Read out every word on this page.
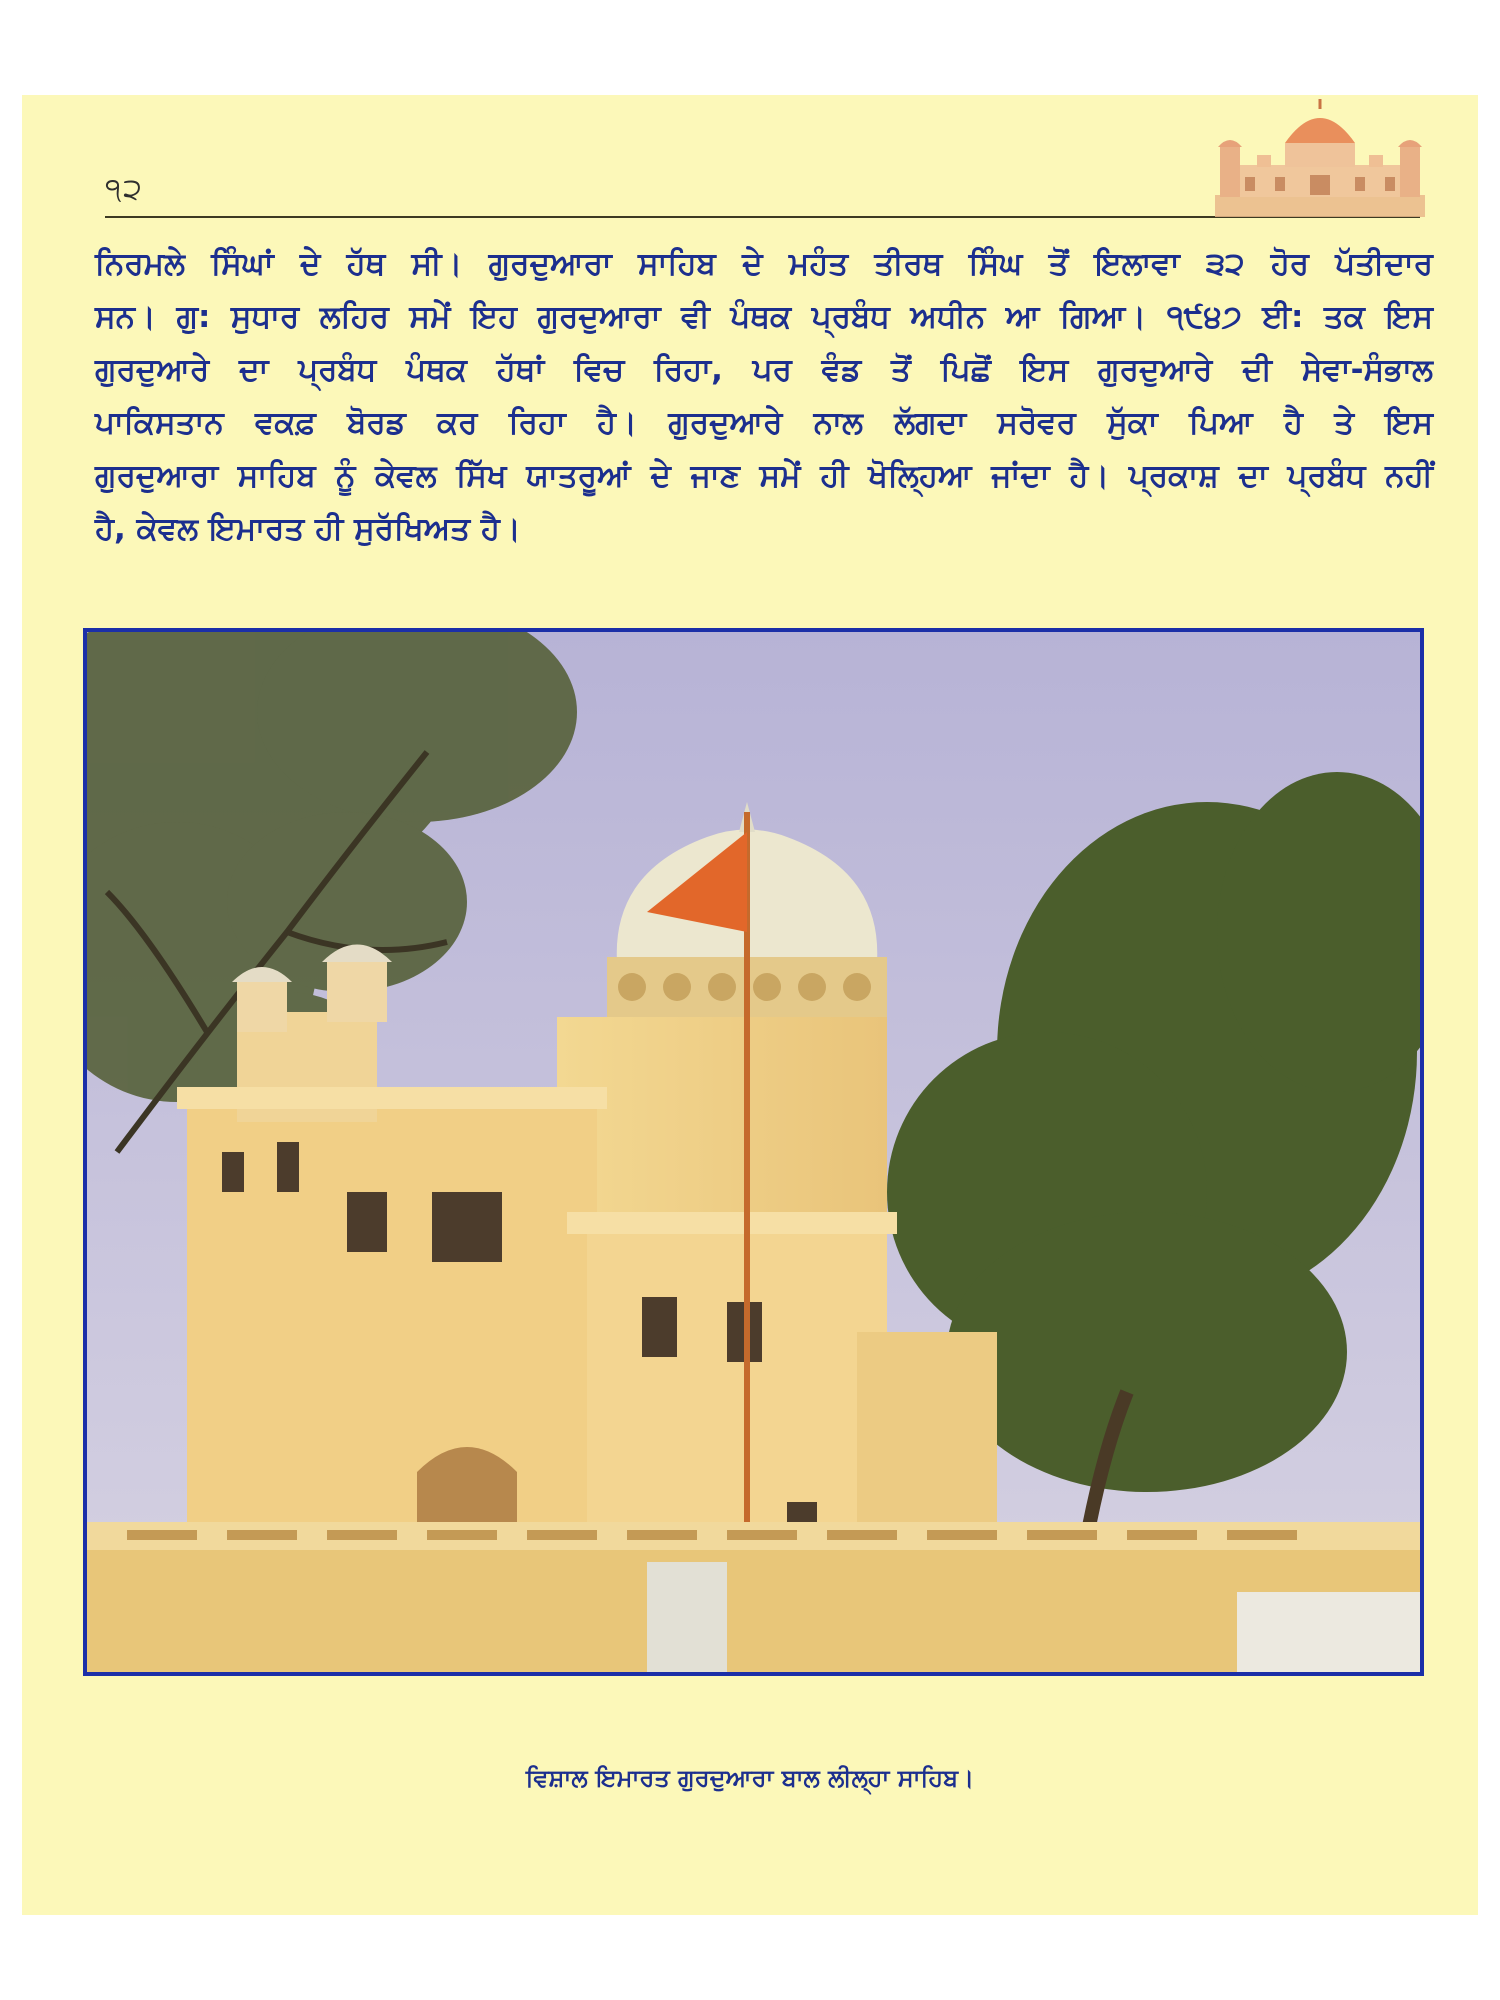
੧੨

ਨਿਰਮਲੇ ਸਿੰਘਾਂ ਦੇ ਹੱਥ ਸੀ। ਗੁਰਦੁਆਰਾ ਸਾਹਿਬ ਦੇ ਮਹੰਤ ਤੀਰਥ ਸਿੰਘ ਤੋਂ ਇਲਾਵਾ ੩੨ ਹੋਰ ਪੱਤੀਦਾਰ

ਸਨ। ਗੁ: ਸੁਧਾਰ ਲਹਿਰ ਸਮੇਂ ਇਹ ਗੁਰਦੁਆਰਾ ਵੀ ਪੰਥਕ ਪ੍ਰਬੰਧ ਅਧੀਨ ਆ ਗਿਆ। ੧੯੪੭ ਈ: ਤਕ ਇਸ

ਗੁਰਦੁਆਰੇ ਦਾ ਪ੍ਰਬੰਧ ਪੰਥਕ ਹੱਥਾਂ ਵਿਚ ਰਿਹਾ, ਪਰ ਵੰਡ ਤੋਂ ਪਿਛੋਂ ਇਸ ਗੁਰਦੁਆਰੇ ਦੀ ਸੇਵਾ-ਸੰਭਾਲ

ਪਾਕਿਸਤਾਨ ਵਕਫ਼ ਬੋਰਡ ਕਰ ਰਿਹਾ ਹੈ। ਗੁਰਦੁਆਰੇ ਨਾਲ ਲੱਗਦਾ ਸਰੋਵਰ ਸੁੱਕਾ ਪਿਆ ਹੈ ਤੇ ਇਸ

ਗੁਰਦੁਆਰਾ ਸਾਹਿਬ ਨੂੰ ਕੇਵਲ ਸਿੱਖ ਯਾਤਰੂਆਂ ਦੇ ਜਾਣ ਸਮੇਂ ਹੀ ਖੋਲ੍ਹਿਆ ਜਾਂਦਾ ਹੈ। ਪ੍ਰਕਾਸ਼ ਦਾ ਪ੍ਰਬੰਧ ਨਹੀਂ

ਹੈ, ਕੇਵਲ ਇਮਾਰਤ ਹੀ ਸੁਰੱਖਿਅਤ ਹੈ।

ਵਿਸ਼ਾਲ ਇਮਾਰਤ ਗੁਰਦੁਆਰਾ ਬਾਲ ਲੀਲ੍ਹਾ ਸਾਹਿਬ।
